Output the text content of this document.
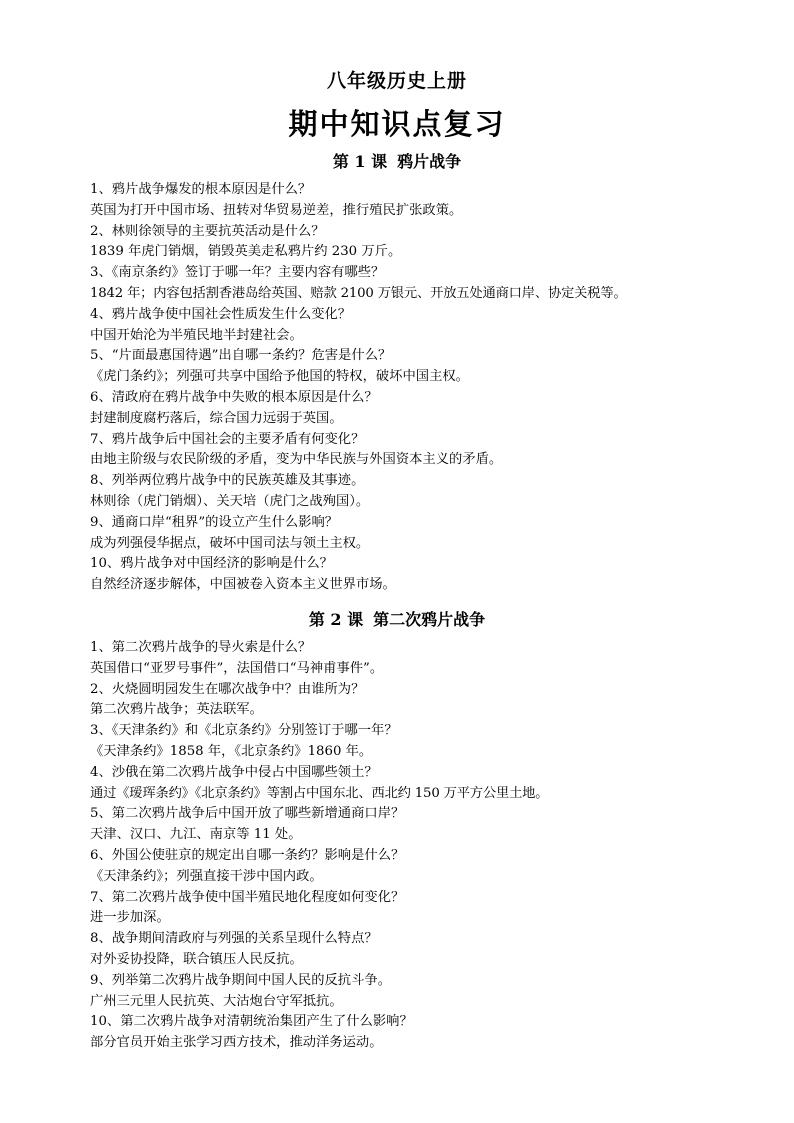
八年级历史上册
期中知识点复习
第 1 课 鸦片战争
1、鸦片战争爆发的根本原因是什么？
英国为打开中国市场、扭转对华贸易逆差，推行殖民扩张政策。
2、林则徐领导的主要抗英活动是什么？
1839 年虎门销烟，销毁英美走私鸦片约 230 万斤。
3、《南京条约》签订于哪一年？主要内容有哪些？
1842 年；内容包括割香港岛给英国、赔款 2100 万银元、开放五处通商口岸、协定关税等。
4、鸦片战争使中国社会性质发生什么变化？
中国开始沦为半殖民地半封建社会。
5、“片面最惠国待遇”出自哪一条约？危害是什么？
《虎门条约》；列强可共享中国给予他国的特权，破坏中国主权。
6、清政府在鸦片战争中失败的根本原因是什么？
封建制度腐朽落后，综合国力远弱于英国。
7、鸦片战争后中国社会的主要矛盾有何变化？
由地主阶级与农民阶级的矛盾，变为中华民族与外国资本主义的矛盾。
8、列举两位鸦片战争中的民族英雄及其事迹。
林则徐（虎门销烟）、关天培（虎门之战殉国）。
9、通商口岸“租界”的设立产生什么影响？
成为列强侵华据点，破坏中国司法与领土主权。
10、鸦片战争对中国经济的影响是什么？
自然经济逐步解体，中国被卷入资本主义世界市场。
第 2 课 第二次鸦片战争
1、第二次鸦片战争的导火索是什么？
英国借口“亚罗号事件”，法国借口“马神甫事件”。
2、火烧圆明园发生在哪次战争中？由谁所为？
第二次鸦片战争；英法联军。
3、《天津条约》和《北京条约》分别签订于哪一年？
《天津条约》1858 年，《北京条约》1860 年。
4、沙俄在第二次鸦片战争中侵占中国哪些领土？
通过《瑷珲条约》《北京条约》等割占中国东北、西北约 150 万平方公里土地。
5、第二次鸦片战争后中国开放了哪些新增通商口岸？
天津、汉口、九江、南京等 11 处。
6、外国公使驻京的规定出自哪一条约？影响是什么？
《天津条约》；列强直接干涉中国内政。
7、第二次鸦片战争使中国半殖民地化程度如何变化？
进一步加深。
8、战争期间清政府与列强的关系呈现什么特点？
对外妥协投降，联合镇压人民反抗。
9、列举第二次鸦片战争期间中国人民的反抗斗争。
广州三元里人民抗英、大沽炮台守军抵抗。
10、第二次鸦片战争对清朝统治集团产生了什么影响？
部分官员开始主张学习西方技术，推动洋务运动。
